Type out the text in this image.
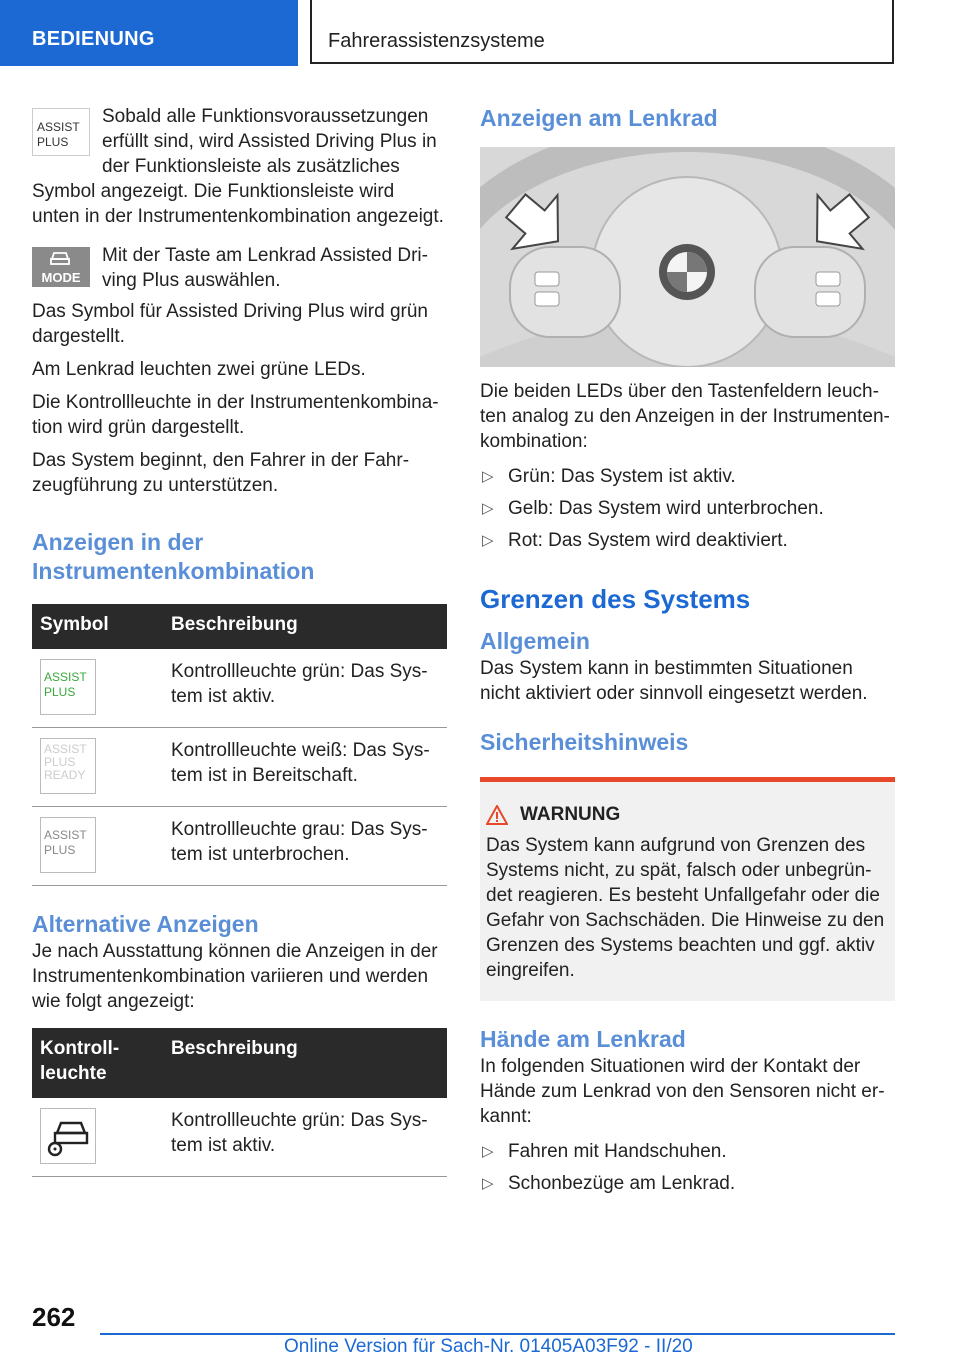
BEDIENUNG	Fahrerassistenzsysteme
ASSIST
PLUS

Sobald alle Funktionsvoraussetzungen erfüllt sind, wird Assisted Driving Plus in der Funktionsleiste als zusätzliches Symbol angezeigt. Die Funktionsleiste wird unten in der Instrumentenkombination angezeigt.

MODE

Mit der Taste am Lenkrad Assisted Driving Plus auswählen.

Das Symbol für Assisted Driving Plus wird grün dargestellt.

Am Lenkrad leuchten zwei grüne LEDs.

Die Kontrollleuchte in der Instrumentenkombination wird grün dargestellt.

Das System beginnt, den Fahrer in der Fahrzeugführung zu unterstützen.

Anzeigen in der Instrumentenkombination
Symbol	Beschreibung

ASSIST
PLUS	Kontrollleuchte grün: Das System ist aktiv.

ASSIST
PLUS
READY	Kontrollleuchte weiß: Das System ist in Bereitschaft.

ASSIST
PLUS	Kontrollleuchte grau: Das System ist unterbrochen.
Alternative Anzeigen

Je nach Ausstattung können die Anzeigen in der Instrumentenkombination variieren und werden wie folgt angezeigt:

Kontrollleuchte	Beschreibung

	Kontrollleuchte grün: Das System ist aktiv.
Anzeigen am Lenkrad

Die beiden LEDs über den Tastenfeldern leuchten analog zu den Anzeigen in der Instrumentenkombination:

▷ Grün: Das System ist aktiv.
▷ Gelb: Das System wird unterbrochen.
▷ Rot: Das System wird deaktiviert.
Grenzen des Systems
Allgemein

Das System kann in bestimmten Situationen nicht aktiviert oder sinnvoll eingesetzt werden.

Sicherheitshinweis
WARNUNG

Das System kann aufgrund von Grenzen des Systems nicht, zu spät, falsch oder unbegründet reagieren. Es besteht Unfallgefahr oder die Gefahr von Sachschäden. Die Hinweise zu den Grenzen des Systems beachten und ggf. aktiv eingreifen.

Hände am Lenkrad

In folgenden Situationen wird der Kontakt der Hände zum Lenkrad von den Sensoren nicht erkannt:

▷ Fahren mit Handschuhen.
▷ Schonbezüge am Lenkrad.
262
Online Version für Sach-Nr. 01405A03F92 - II/20
